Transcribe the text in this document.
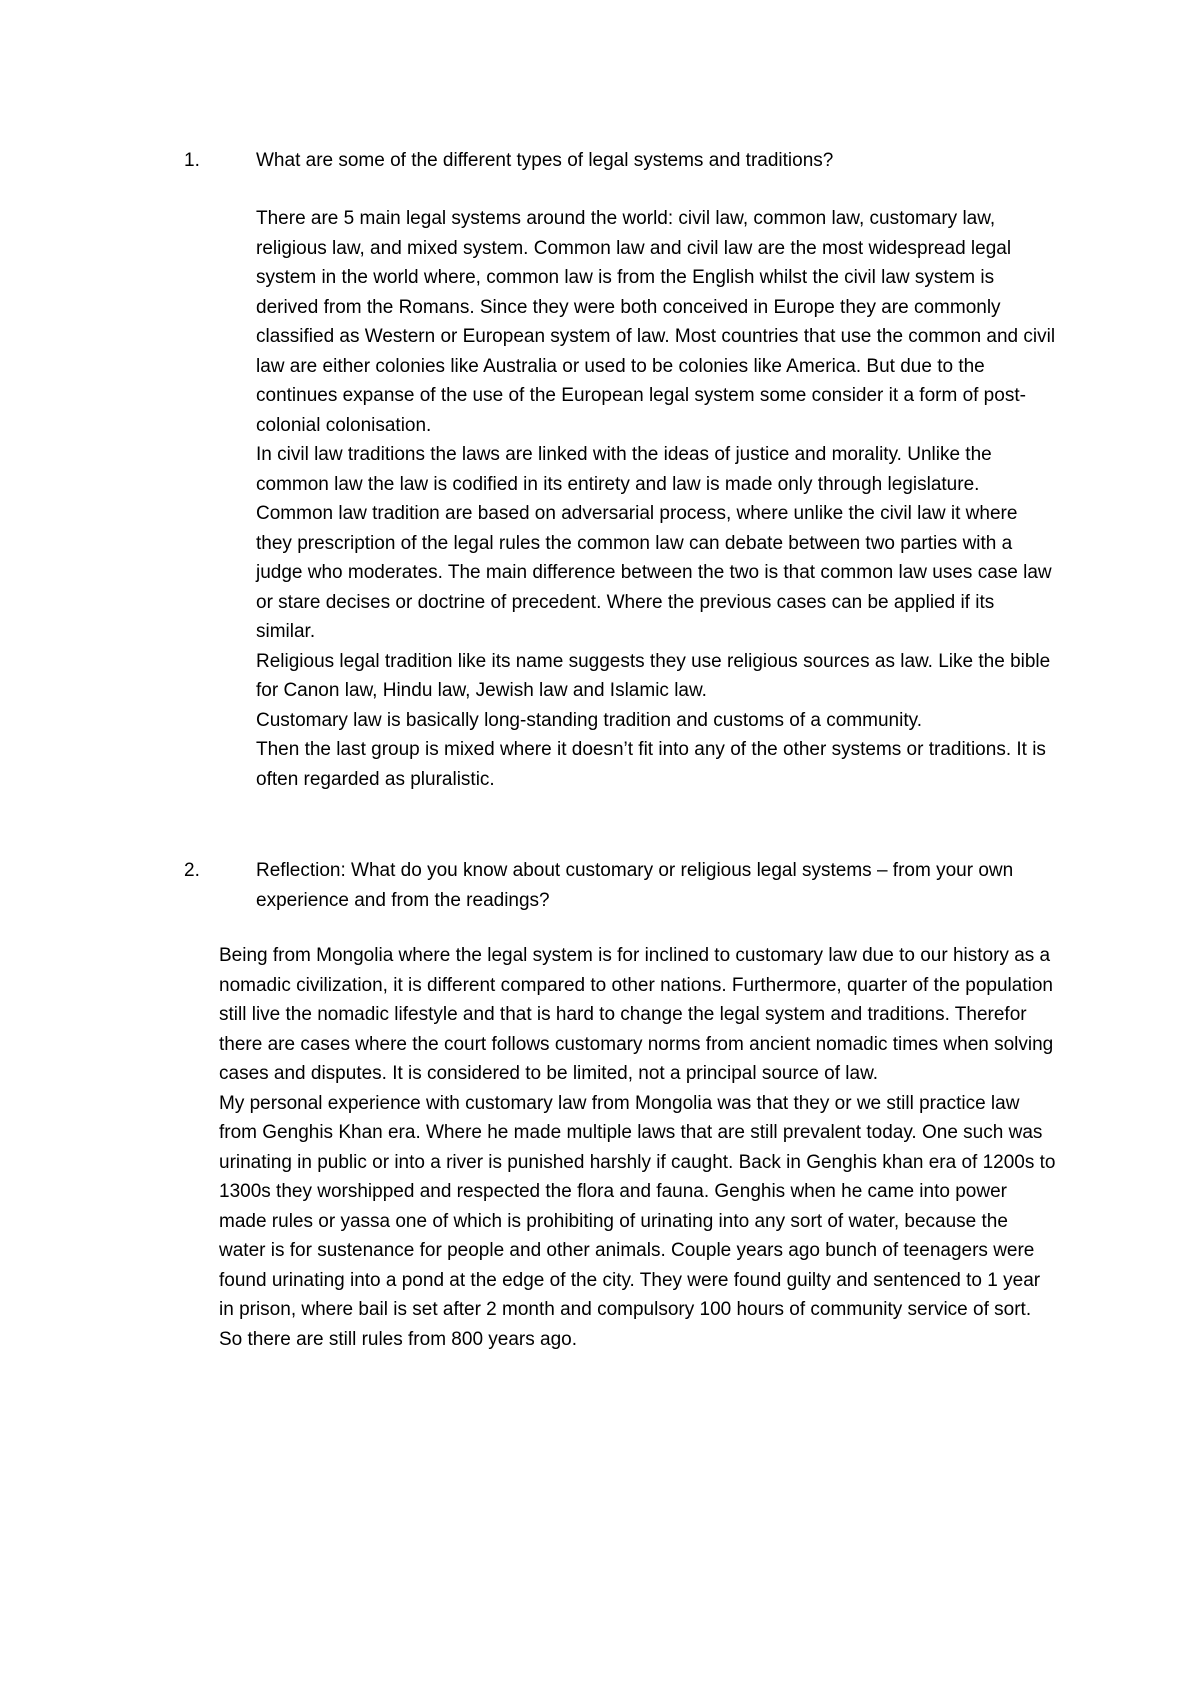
1.	What are some of the different types of legal systems and traditions?

There are 5 main legal systems around the world: civil law, common law, customary law, religious law, and mixed system. Common law and civil law are the most widespread legal system in the world where, common law is from the English whilst the civil law system is derived from the Romans. Since they were both conceived in Europe they are commonly classified as Western or European system of law. Most countries that use the common and civil law are either colonies like Australia or used to be colonies like America. But due to the continues expanse of the use of the European legal system some consider it a form of post-colonial colonisation.

In civil law traditions the laws are linked with the ideas of justice and morality. Unlike the common law the law is codified in its entirety and law is made only through legislature. Common law tradition are based on adversarial process, where unlike the civil law it where they prescription of the legal rules the common law can debate between two parties with a judge who moderates. The main difference between the two is that common law uses case law or stare decises or doctrine of precedent. Where the previous cases can be applied if its similar.

Religious legal tradition like its name suggests they use religious sources as law. Like the bible for Canon law, Hindu law, Jewish law and Islamic law.

Customary law is basically long-standing tradition and customs of a community.

Then the last group is mixed where it doesn’t fit into any of the other systems or traditions. It is often regarded as pluralistic.

2.	Reflection: What do you know about customary or religious legal systems – from your own experience and from the readings?

Being from Mongolia where the legal system is for inclined to customary law due to our history as a nomadic civilization, it is different compared to other nations. Furthermore, quarter of the population still live the nomadic lifestyle and that is hard to change the legal system and traditions. Therefor there are cases where the court follows customary norms from ancient nomadic times when solving cases and disputes. It is considered to be limited, not a principal source of law.

My personal experience with customary law from Mongolia was that they or we still practice law from Genghis Khan era. Where he made multiple laws that are still prevalent today. One such was urinating in public or into a river is punished harshly if caught. Back in Genghis khan era of 1200s to 1300s they worshipped and respected the flora and fauna. Genghis when he came into power made rules or yassa one of which is prohibiting of urinating into any sort of water, because the water is for sustenance for people and other animals. Couple years ago bunch of teenagers were found urinating into a pond at the edge of the city. They were found guilty and sentenced to 1 year in prison, where bail is set after 2 month and compulsory 100 hours of community service of sort. So there are still rules from 800 years ago.
